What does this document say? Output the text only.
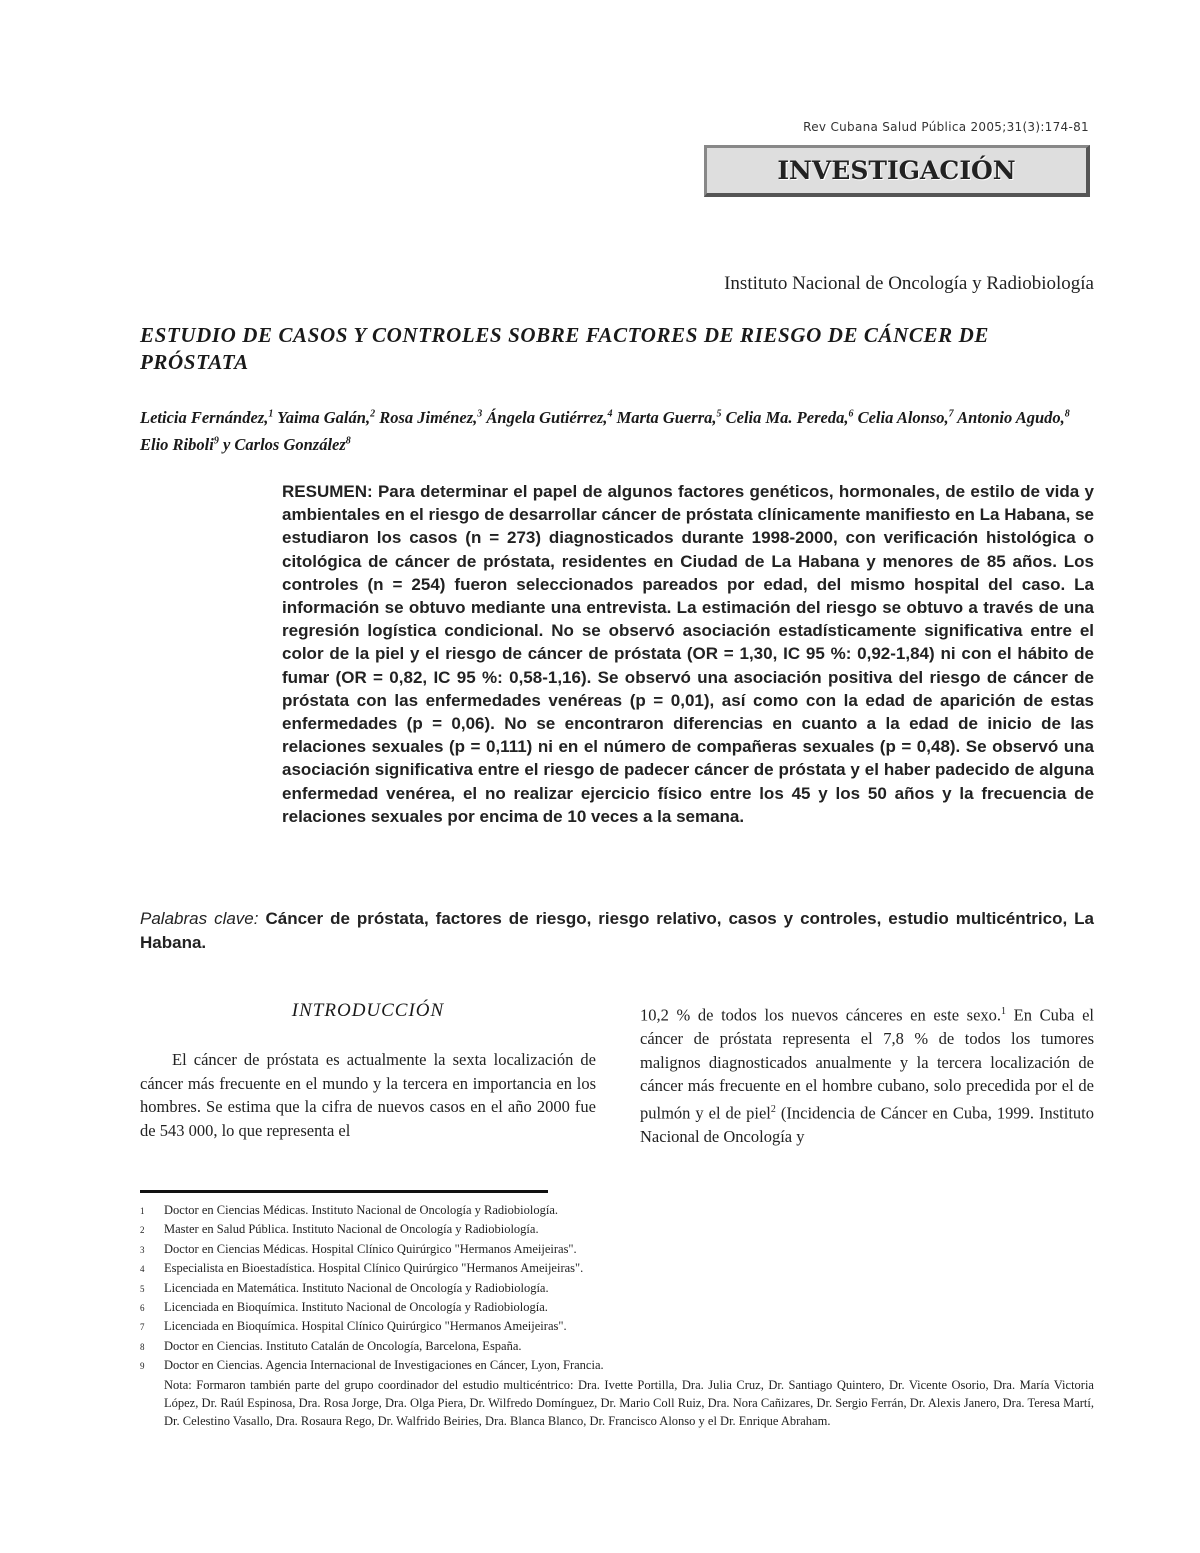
Rev Cubana Salud Pública 2005;31(3):174-81
INVESTIGACIÓN
Instituto Nacional de Oncología y Radiobiología
ESTUDIO DE CASOS Y CONTROLES SOBRE FACTORES DE RIESGO DE CÁNCER DE PRÓSTATA
Leticia Fernández,$^1$ Yaima Galán,$^2$ Rosa Jiménez,$^3$ Ángela Gutiérrez,$^4$ Marta Guerra,$^5$ Celia Ma. Pereda,$^6$ Celia Alonso,$^7$ Antonio Agudo,$^8$ Elio Riboli$^9$ y Carlos González$^8$

RESUMEN: Para determinar el papel de algunos factores genéticos, hormonales, de estilo de vida y ambientales en el riesgo de desarrollar cáncer de próstata clínicamente manifiesto en La Habana, se estudiaron los casos (n = 273) diagnosticados durante 1998-2000, con verificación histológica o citológica de cáncer de próstata, residentes en Ciudad de La Habana y menores de 85 años. Los controles (n = 254) fueron seleccionados pareados por edad, del mismo hospital del caso. La información se obtuvo mediante una entrevista. La estimación del riesgo se obtuvo a través de una regresión logística condicional. No se observó asociación estadísticamente significativa entre el color de la piel y el riesgo de cáncer de próstata (OR = 1,30, IC 95 %: 0,92-1,84) ni con el hábito de fumar (OR = 0,82, IC 95 %: 0,58-1,16). Se observó una asociación positiva del riesgo de cáncer de próstata con las enfermedades venéreas (p = 0,01), así como con la edad de aparición de estas enfermedades (p = 0,06). No se encontraron diferencias en cuanto a la edad de inicio de las relaciones sexuales (p = 0,111) ni en el número de compañeras sexuales (p = 0,48). Se observó una asociación significativa entre el riesgo de padecer cáncer de próstata y el haber padecido de alguna enfermedad venérea, el no realizar ejercicio físico entre los 45 y los 50 años y la frecuencia de relaciones sexuales por encima de 10 veces a la semana.

Palabras clave: Cáncer de próstata, factores de riesgo, riesgo relativo, casos y controles, estudio multicéntrico, La Habana.

INTRODUCCIÓN

El cáncer de próstata es actualmente la sexta localización de cáncer más frecuente en el mundo y la tercera en importancia en los hombres. Se estima que la cifra de nuevos casos en el año 2000 fue de 543 000, lo que representa el

10,2 % de todos los nuevos cánceres en este sexo.$^1$ En Cuba el cáncer de próstata representa el 7,8 % de todos los tumores malignos diagnosticados anualmente y la tercera localización de cáncer más frecuente en el hombre cubano, solo precedida por el de pulmón y el de piel$^2$ (Incidencia de Cáncer en Cuba, 1999. Instituto Nacional de Oncología y

1	Doctor en Ciencias Médicas. Instituto Nacional de Oncología y Radiobiología.
2	Master en Salud Pública. Instituto Nacional de Oncología y Radiobiología.
3	Doctor en Ciencias Médicas. Hospital Clínico Quirúrgico "Hermanos Ameijeiras".
4	Especialista en Bioestadística. Hospital Clínico Quirúrgico "Hermanos Ameijeiras".
5	Licenciada en Matemática. Instituto Nacional de Oncología y Radiobiología.
6	Licenciada en Bioquímica. Instituto Nacional de Oncología y Radiobiología.
7	Licenciada en Bioquímica. Hospital Clínico Quirúrgico "Hermanos Ameijeiras".
8	Doctor en Ciencias. Instituto Catalán de Oncología, Barcelona, España.
9	Doctor en Ciencias. Agencia Internacional de Investigaciones en Cáncer, Lyon, Francia.
Nota: Formaron también parte del grupo coordinador del estudio multicéntrico: Dra. Ivette Portilla, Dra. Julia Cruz, Dr. Santiago Quintero, Dr. Vicente Osorio, Dra. María Victoria López, Dr. Raúl Espinosa, Dra. Rosa Jorge, Dra. Olga Piera, Dr. Wilfredo Domínguez, Dr. Mario Coll Ruiz, Dra. Nora Cañizares, Dr. Sergio Ferrán, Dr. Alexis Janero, Dra. Teresa Martí, Dr. Celestino Vasallo, Dra. Rosaura Rego, Dr. Walfrido Beiries, Dra. Blanca Blanco, Dr. Francisco Alonso y el Dr. Enrique Abraham.
